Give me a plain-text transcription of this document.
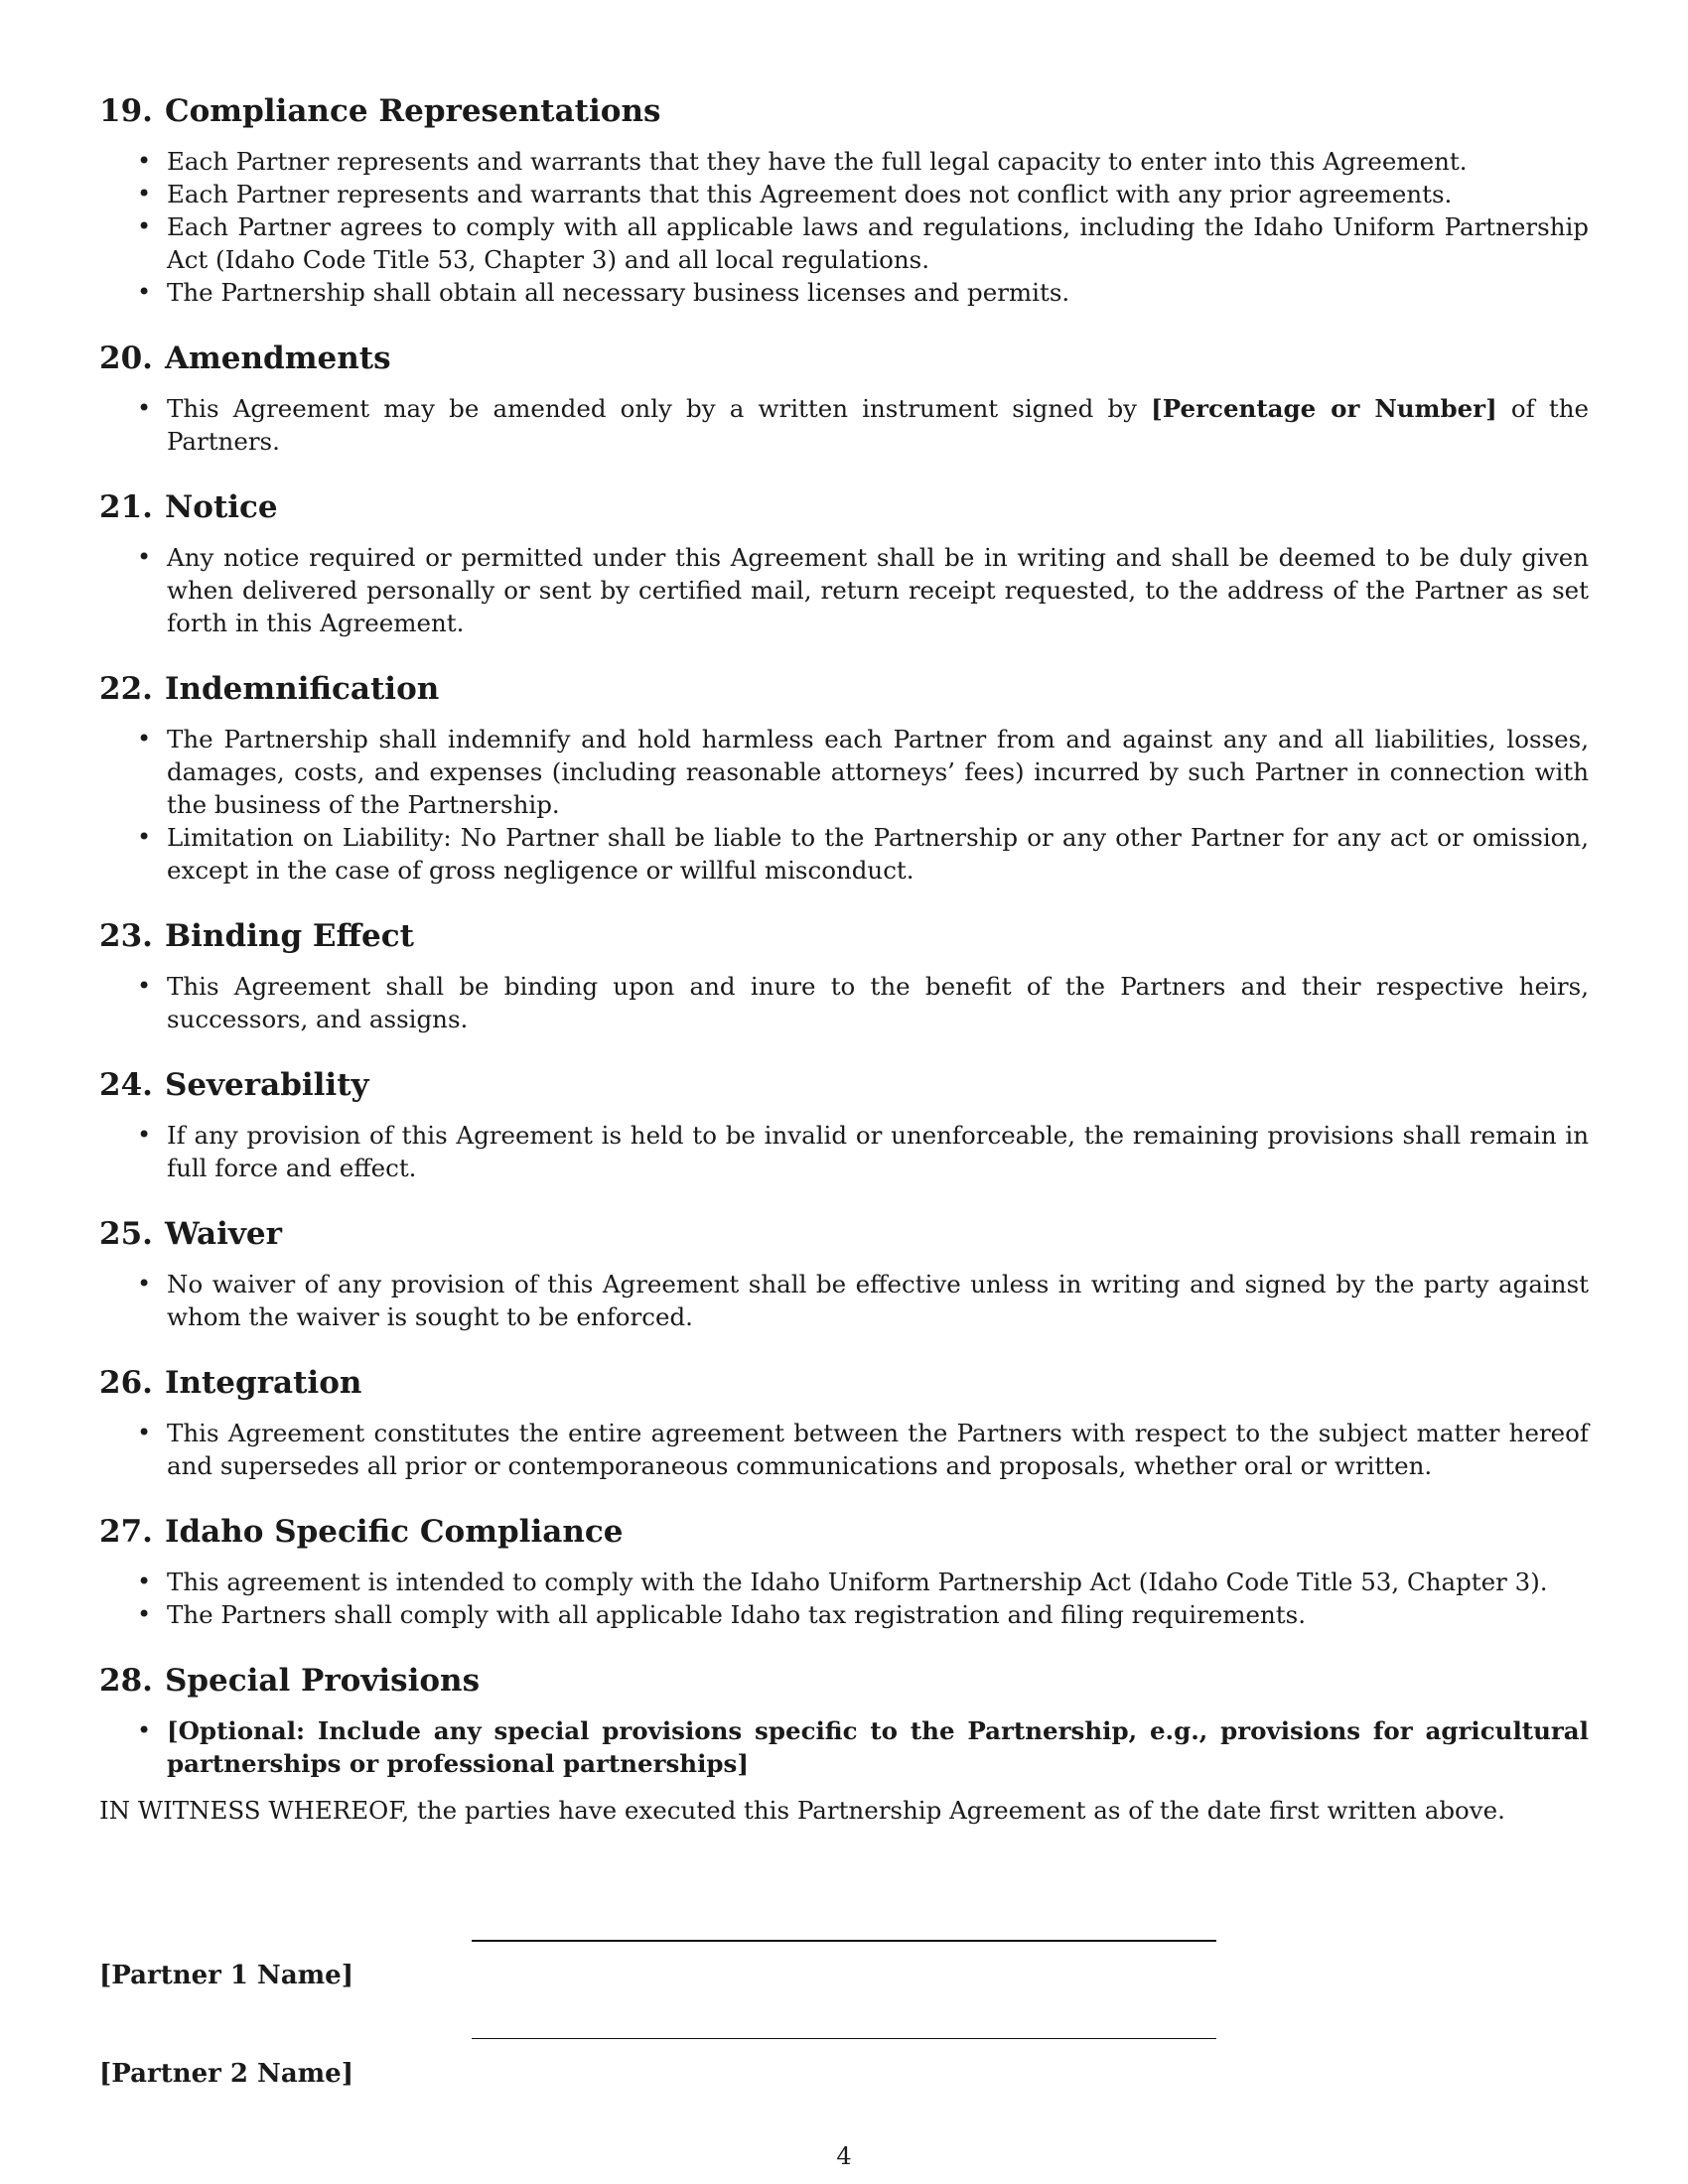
19. Compliance Representations
• Each Partner represents and warrants that they have the full legal capacity to enter into this Agreement.
• Each Partner represents and warrants that this Agreement does not conflict with any prior agreements.
• Each Partner agrees to comply with all applicable laws and regulations, including the Idaho Uniform Partnership Act (Idaho Code Title 53, Chapter 3) and all local regulations.
• The Partnership shall obtain all necessary business licenses and permits.
20. Amendments
• This Agreement may be amended only by a written instrument signed by [Percentage or Number] of the Partners.
21. Notice
• Any notice required or permitted under this Agreement shall be in writing and shall be deemed to be duly given when delivered personally or sent by certified mail, return receipt requested, to the address of the Partner as set forth in this Agreement.
22. Indemnification
• The Partnership shall indemnify and hold harmless each Partner from and against any and all liabilities, losses, damages, costs, and expenses (including reasonable attorneys’ fees) incurred by such Partner in connection with the business of the Partnership.
• Limitation on Liability: No Partner shall be liable to the Partnership or any other Partner for any act or omission, except in the case of gross negligence or willful misconduct.
23. Binding Effect
• This Agreement shall be binding upon and inure to the benefit of the Partners and their respective heirs, successors, and assigns.
24. Severability
• If any provision of this Agreement is held to be invalid or unenforceable, the remaining provisions shall remain in full force and effect.
25. Waiver
• No waiver of any provision of this Agreement shall be effective unless in writing and signed by the party against whom the waiver is sought to be enforced.
26. Integration
• This Agreement constitutes the entire agreement between the Partners with respect to the subject matter hereof and supersedes all prior or contemporaneous communications and proposals, whether oral or written.
27. Idaho Specific Compliance
• This agreement is intended to comply with the Idaho Uniform Partnership Act (Idaho Code Title 53, Chapter 3).
• The Partners shall comply with all applicable Idaho tax registration and filing requirements.
28. Special Provisions
• [Optional: Include any special provisions specific to the Partnership, e.g., provisions for agricultural partnerships or professional partnerships]

IN WITNESS WHEREOF, the parties have executed this Partnership Agreement as of the date first written above.

[Partner 1 Name]
[Partner 2 Name]
4
